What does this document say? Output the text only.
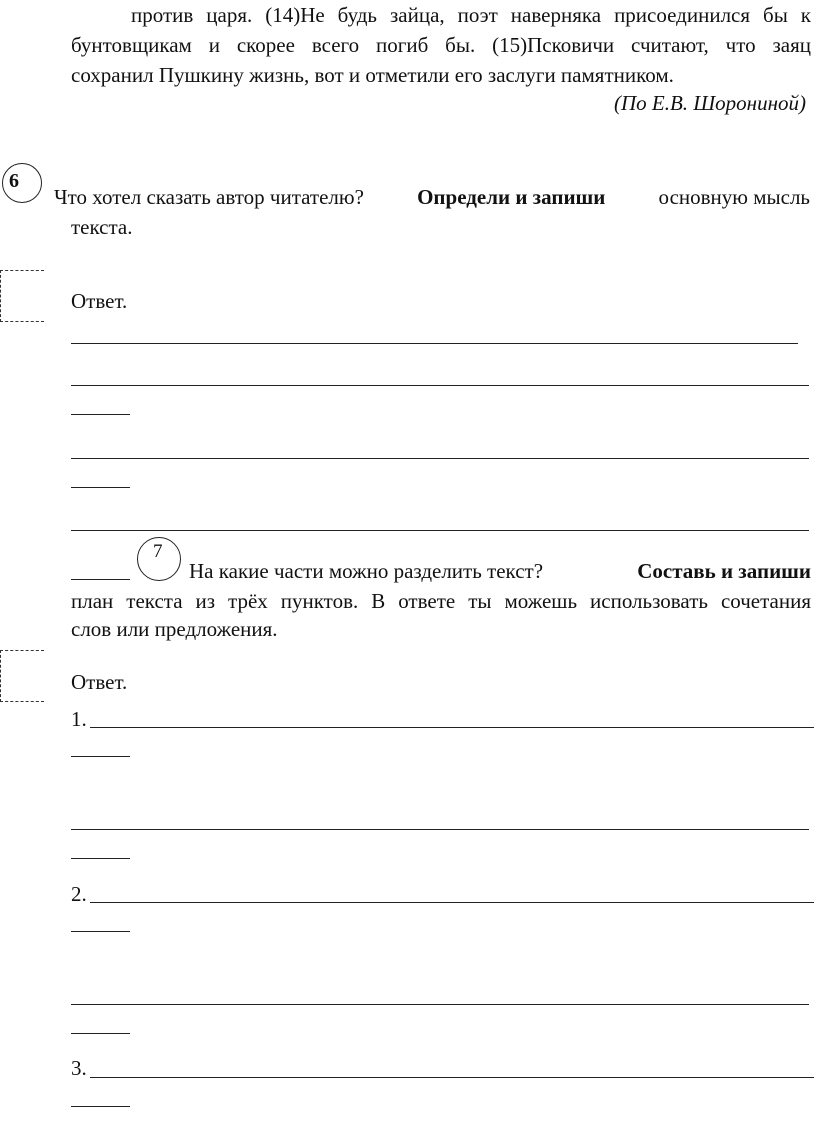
против царя. (14)Не будь зайца, поэт наверняка присоединился бы к
бунтовщикам и скорее всего погиб бы. (15)Псковичи считают, что заяц
сохранил Пушкину жизнь, вот и отметили его заслуги памятником.
(По Е.В. Шорониной)
6
Что хотел сказать автор читателю?	Определи и запиши	основную мысль
текста.
Ответ.
7
На какие части можно разделить текст?	Составь и запиши
план текста из трёх пунктов. В ответе ты можешь использовать сочетания
слов или предложения.
Ответ.
1.
2.
3.
